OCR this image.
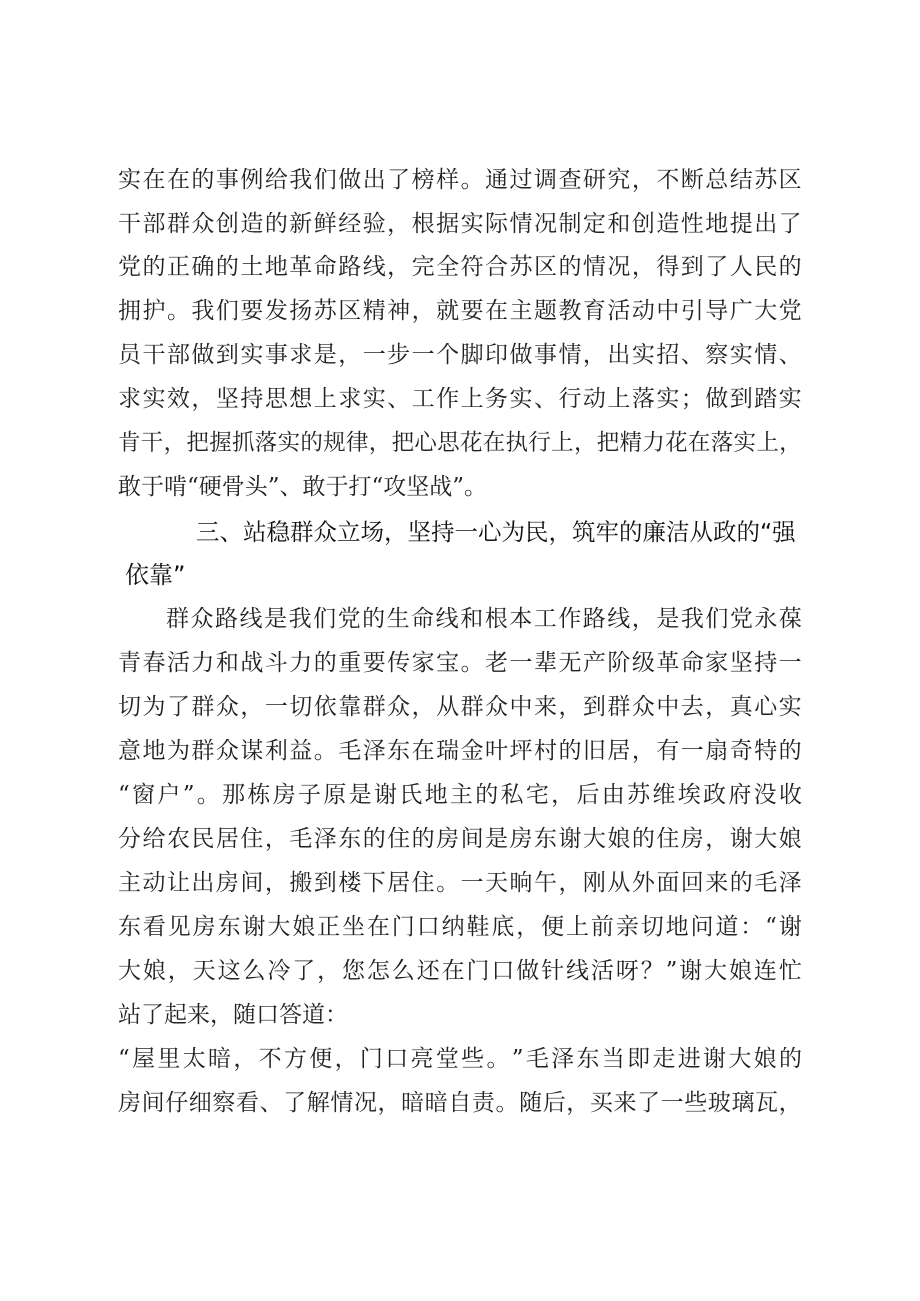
实 在 在 的 事 例 给 我 们 做 出 了 榜 样 。 通 过 调 查 研 究 ， 不 断 总 结 苏 区
干 部 群 众 创 造 的 新 鲜 经 验 ， 根 据 实 际 情 况 制 定 和 创 造 性 地 提 出 了
党 的 正 确 的 土 地 革 命 路 线 ， 完 全 符 合 苏 区 的 情 况 ， 得 到 了 人 民 的
拥 护 。 我 们 要 发 扬 苏 区 精 神 ， 就 要 在 主 题 教 育 活 动 中 引 导 广 大 党
员 干 部 做 到 实 事 求 是 ， 一 步 一 个 脚 印 做 事 情 ， 出 实 招 、 察 实 情 、
求 实 效 ， 坚 持 思 想 上 求 实 、 工 作 上 务 实 、 行 动 上 落 实 ； 做 到 踏 实
肯 干 ， 把 握 抓 落 实 的 规 律 ， 把 心 思 花 在 执 行 上 ， 把 精 力 花 在 落 实 上 ，
敢于啃“硬骨头”、敢于打“攻坚战”。
三、站稳群众立场，坚持一心为民，筑牢的廉洁从政的“强
依靠”
群 众 路 线 是 我 们 党 的 生 命 线 和 根 本 工 作 路 线 ， 是 我 们 党 永 葆
青 春 活 力 和 战 斗 力 的 重 要 传 家 宝 。 老 一 辈 无 产 阶 级 革 命 家 坚 持 一
切 为 了 群 众 ， 一 切 依 靠 群 众 ， 从 群 众 中 来 ， 到 群 众 中 去 ， 真 心 实
意 地 为 群 众 谋 利 益 。 毛 泽 东 在 瑞 金 叶 坪 村 的 旧 居 ， 有 一 扇 奇 特 的
“ 窗 户 ” 。 那 栋 房 子 原 是 谢 氏 地 主 的 私 宅 ， 后 由 苏 维 埃 政 府 没 收
分 给 农 民 居 住 ， 毛 泽 东 的 住 的 房 间 是 房 东 谢 大 娘 的 住 房 ， 谢 大 娘
主 动 让 出 房 间 ， 搬 到 楼 下 居 住 。 一 天 晌 午 ， 刚 从 外 面 回 来 的 毛 泽
东 看 见 房 东 谢 大 娘 正 坐 在 门 口 纳 鞋 底 ， 便 上 前 亲 切 地 问 道 ： “ 谢
大 娘 ， 天 这 么 冷 了 ， 您 怎 么 还 在 门 口 做 针 线 活 呀 ？ ” 谢 大 娘 连 忙
站了起来，随口答道：
“ 屋 里 太 暗 ， 不 方 便 ， 门 口 亮 堂 些 。 ” 毛 泽 东 当 即 走 进 谢 大 娘 的
房 间 仔 细 察 看 、 了 解 情 况 ， 暗 暗 自 责 。 随 后 ， 买 来 了 一 些 玻 璃 瓦 ，
